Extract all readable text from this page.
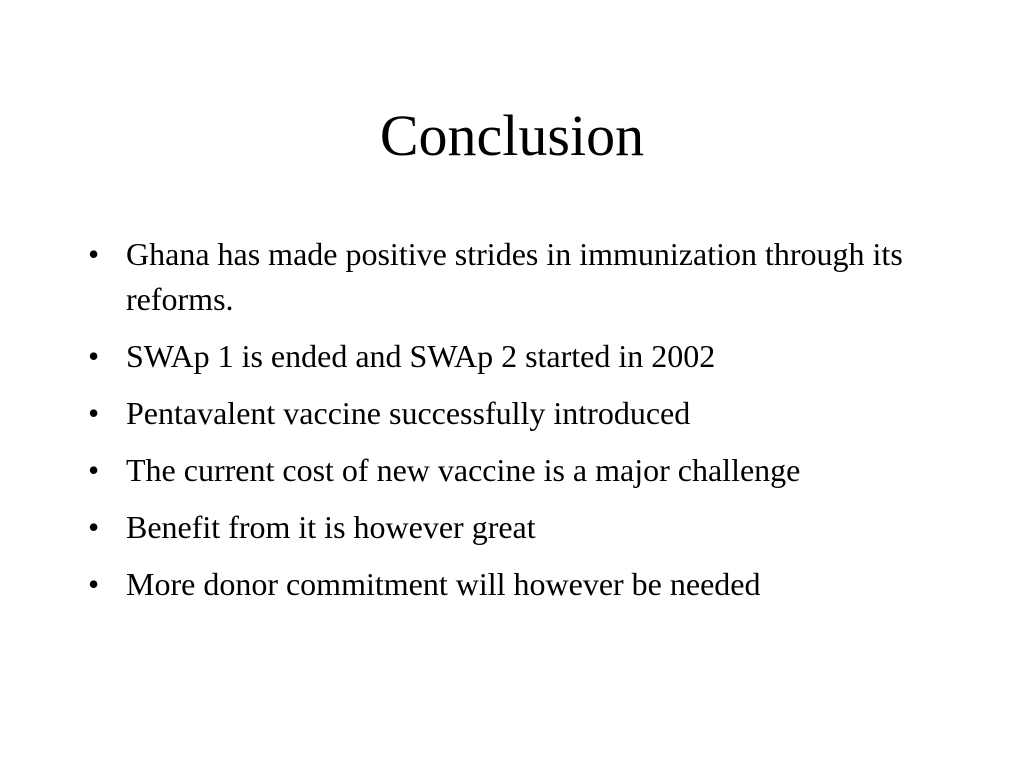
Conclusion
• Ghana has made positive strides in immunization through its reforms.
• SWAp 1 is ended and SWAp 2 started in 2002
• Pentavalent vaccine successfully introduced
• The current cost of new vaccine is a major challenge
• Benefit from it is however great
• More donor commitment will however be needed
